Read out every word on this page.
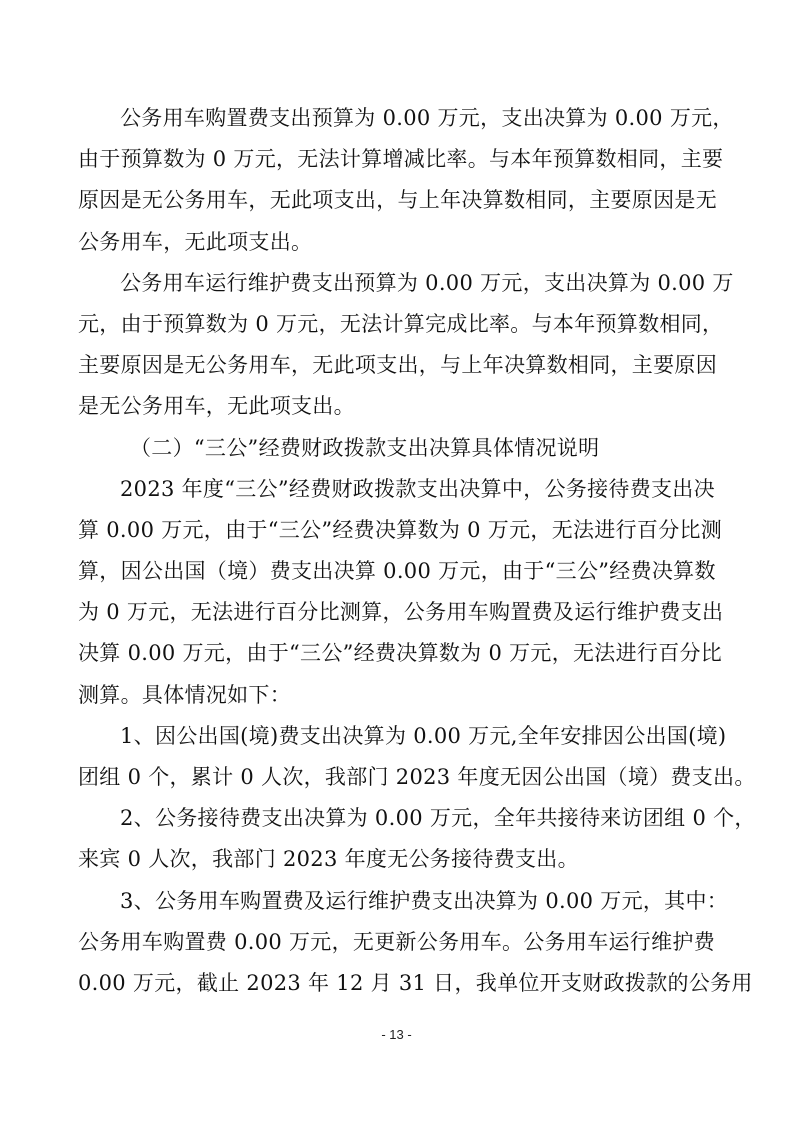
公务用车购置费支出预算为 0.00 万元，支出决算为 0.00 万元，
由于预算数为 0 万元，无法计算增减比率。与本年预算数相同，主要
原因是无公务用车，无此项支出，与上年决算数相同，主要原因是无
公务用车，无此项支出。

公务用车运行维护费支出预算为 0.00 万元，支出决算为 0.00 万
元，由于预算数为 0 万元，无法计算完成比率。与本年预算数相同，
主要原因是无公务用车，无此项支出，与上年决算数相同，主要原因
是无公务用车，无此项支出。

（二）“三公”经费财政拨款支出决算具体情况说明

2023 年度“三公”经费财政拨款支出决算中，公务接待费支出决
算 0.00 万元，由于“三公”经费决算数为 0 万元，无法进行百分比测
算，因公出国（境）费支出决算 0.00 万元，由于“三公”经费决算数
为 0 万元，无法进行百分比测算，公务用车购置费及运行维护费支出
决算 0.00 万元，由于“三公”经费决算数为 0 万元，无法进行百分比
测算。具体情况如下：

1、因公出国(境)费支出决算为 0.00 万元,全年安排因公出国(境)
团组 0 个，累计 0 人次，我部门 2023 年度无因公出国（境）费支出。

2、公务接待费支出决算为 0.00 万元，全年共接待来访团组 0 个，
来宾 0 人次，我部门 2023 年度无公务接待费支出。

3、公务用车购置费及运行维护费支出决算为 0.00 万元，其中：
公务用车购置费 0.00 万元，无更新公务用车。公务用车运行维护费
0.00 万元，截止 2023 年 12 月 31 日，我单位开支财政拨款的公务用

- 13 -
